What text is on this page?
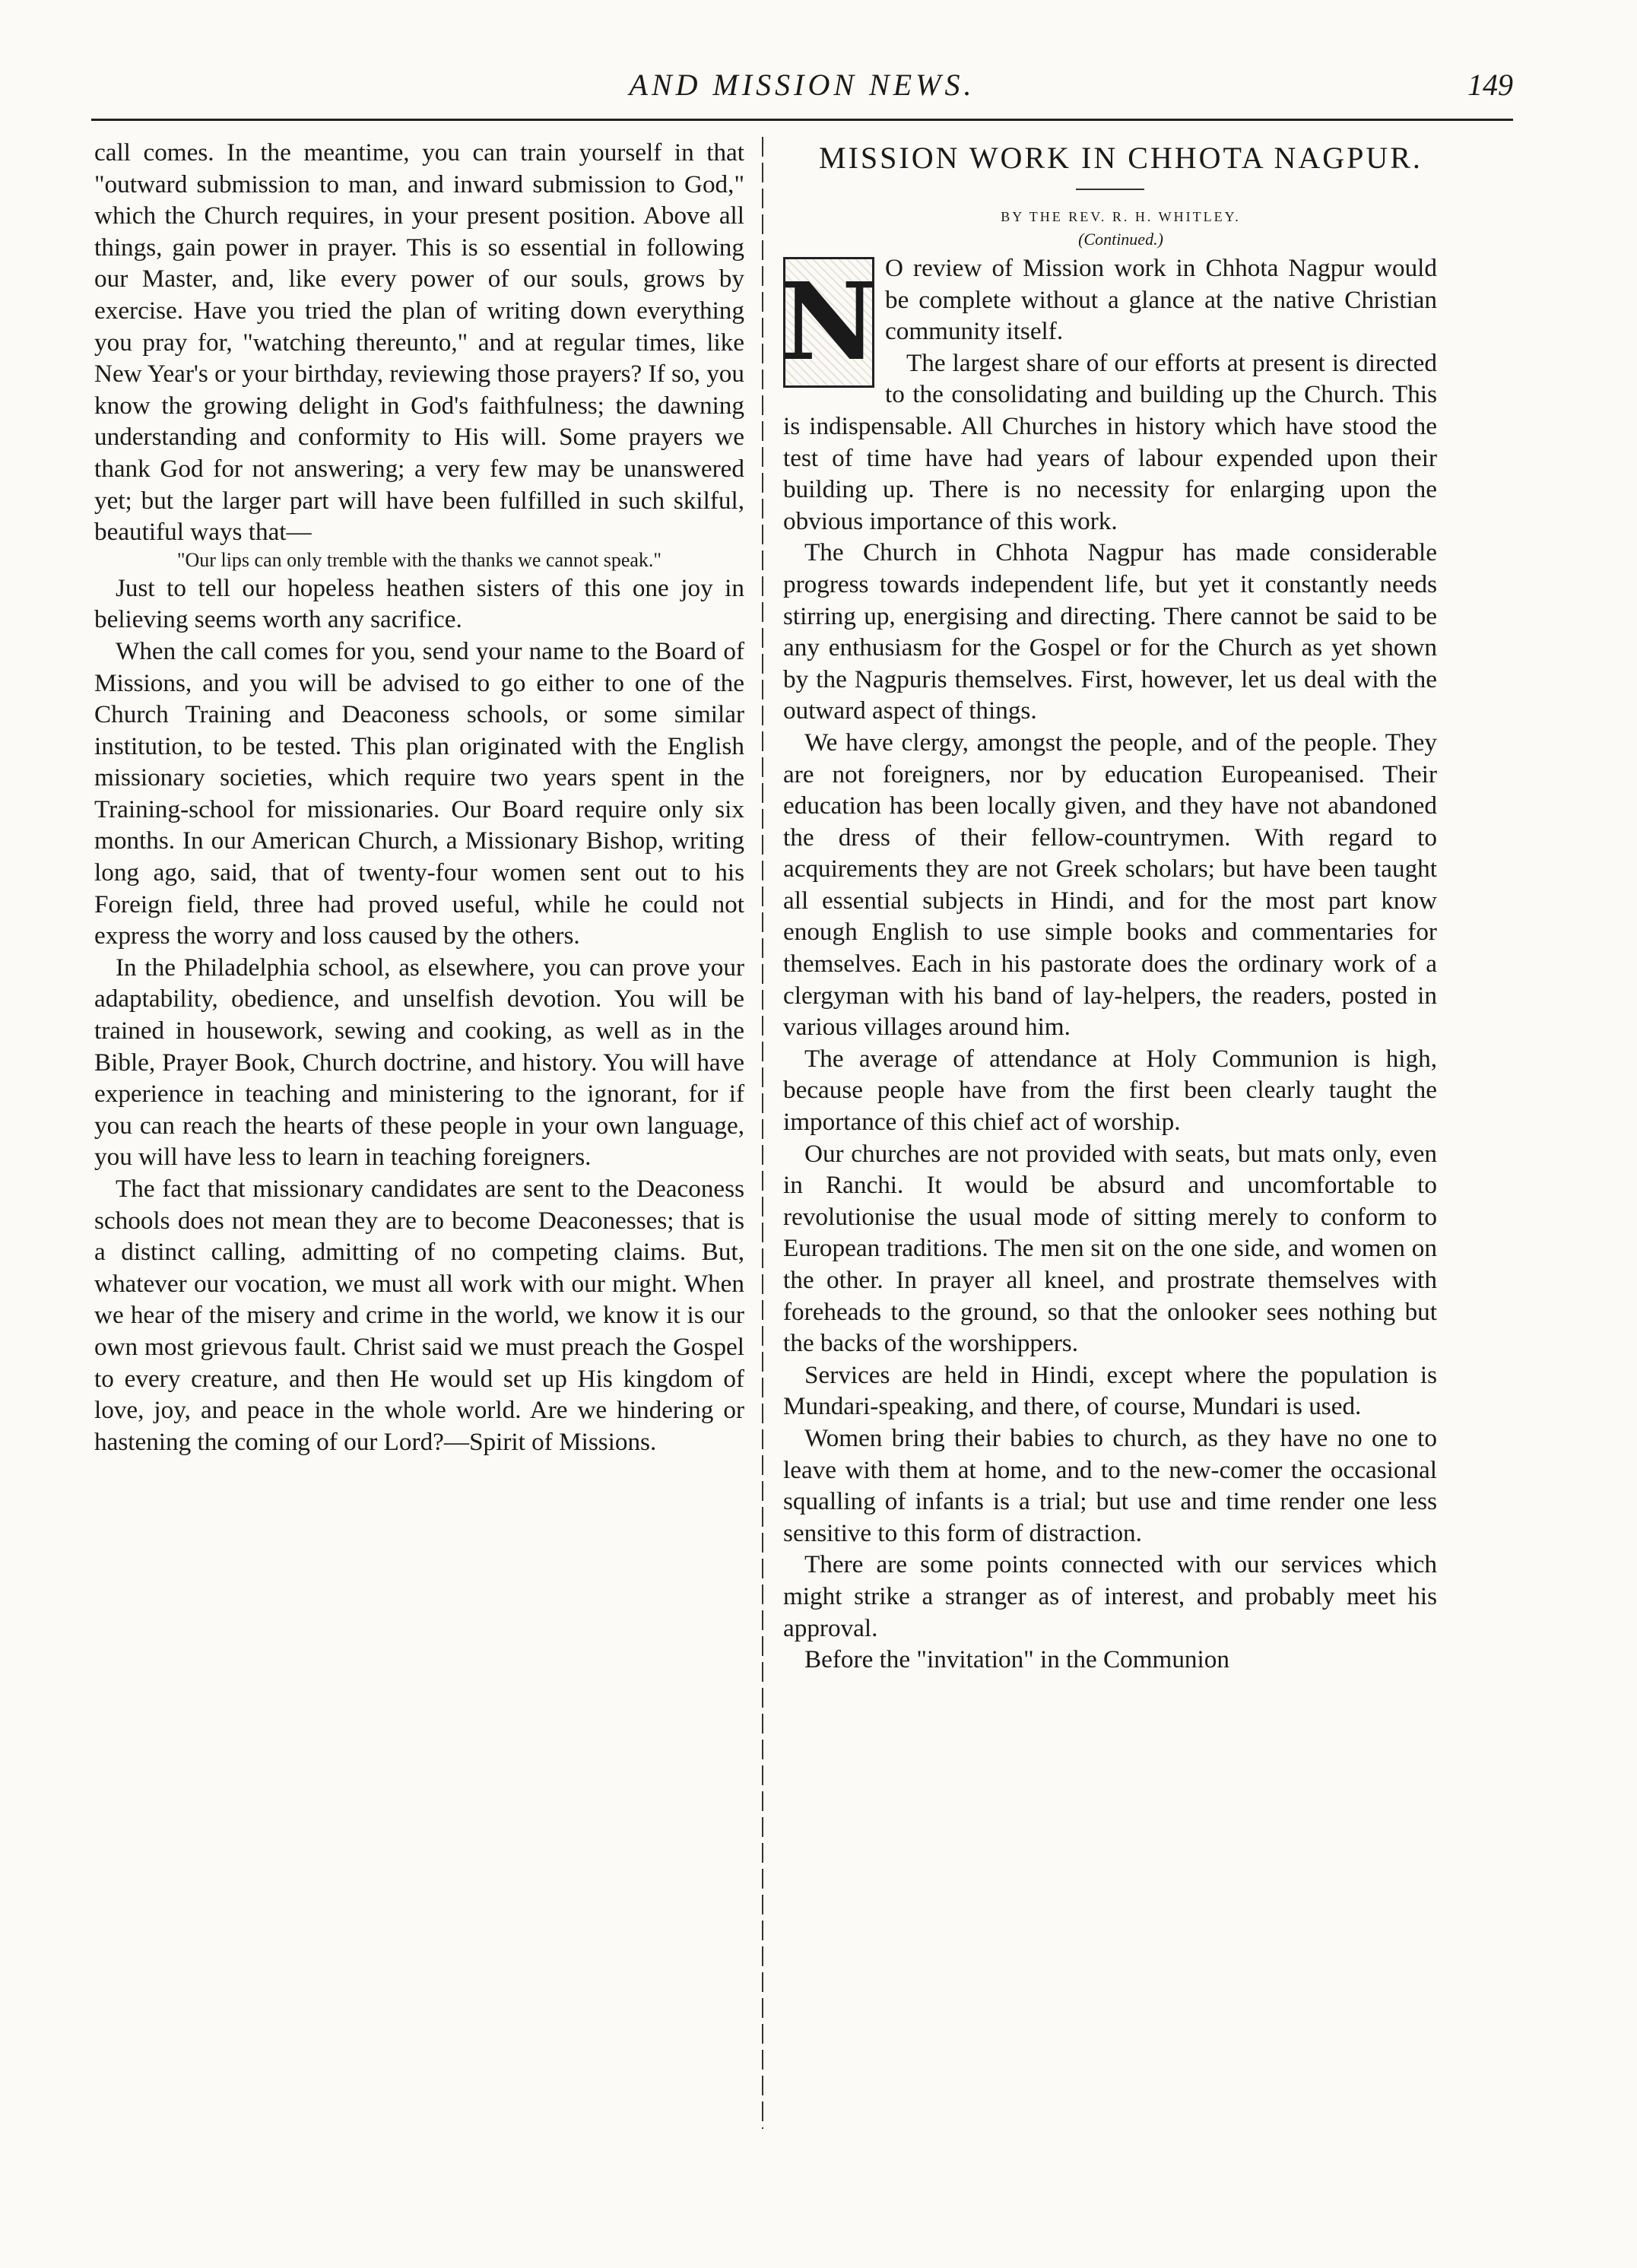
AND MISSION NEWS.	149

call comes. In the meantime, you can train yourself in that "outward submission to man, and inward submission to God," which the Church requires, in your present position. Above all things, gain power in prayer. This is so essential in following our Master, and, like every power of our souls, grows by exercise. Have you tried the plan of writing down everything you pray for, "watching thereunto," and at regular times, like New Year's or your birthday, reviewing those prayers? If so, you know the growing delight in God's faithfulness; the dawning understanding and conformity to His will. Some prayers we thank God for not answering; a very few may be unanswered yet; but the larger part will have been fulfilled in such skilful, beautiful ways that—

"Our lips can only tremble with the thanks we cannot speak."

Just to tell our hopeless heathen sisters of this one joy in believing seems worth any sacrifice.

When the call comes for you, send your name to the Board of Missions, and you will be advised to go either to one of the Church Training and Deaconess schools, or some similar institution, to be tested. This plan originated with the English missionary societies, which require two years spent in the Training-school for missionaries. Our Board require only six months. In our American Church, a Missionary Bishop, writing long ago, said, that of twenty-four women sent out to his Foreign field, three had proved useful, while he could not express the worry and loss caused by the others.

In the Philadelphia school, as elsewhere, you can prove your adaptability, obedience, and unselfish devotion. You will be trained in housework, sewing and cooking, as well as in the Bible, Prayer Book, Church doctrine, and history. You will have experience in teaching and ministering to the ignorant, for if you can reach the hearts of these people in your own language, you will have less to learn in teaching foreigners.

The fact that missionary candidates are sent to the Deaconess schools does not mean they are to become Deaconesses; that is a distinct calling, admitting of no competing claims. But, whatever our vocation, we must all work with our might. When we hear of the misery and crime in the world, we know it is our own most grievous fault. Christ said we must preach the Gospel to every creature, and then He would set up His kingdom of love, joy, and peace in the whole world. Are we hindering or hastening the coming of our Lord?—Spirit of Missions.

MISSION WORK IN CHHOTA NAGPUR.

BY THE REV. R. H. WHITLEY.

(Continued.)

N O review of Mission work in Chhota Nagpur would be complete without a glance at the native Christian community itself.

The largest share of our efforts at present is directed to the consolidating and building up the Church. This is indispensable. All Churches in history which have stood the test of time have had years of labour expended upon their building up. There is no necessity for enlarging upon the obvious importance of this work.

The Church in Chhota Nagpur has made considerable progress towards independent life, but yet it constantly needs stirring up, energising and directing. There cannot be said to be any enthusiasm for the Gospel or for the Church as yet shown by the Nagpuris themselves. First, however, let us deal with the outward aspect of things.

We have clergy, amongst the people, and of the people. They are not foreigners, nor by education Europeanised. Their education has been locally given, and they have not abandoned the dress of their fellow-countrymen. With regard to acquirements they are not Greek scholars; but have been taught all essential subjects in Hindi, and for the most part know enough English to use simple books and commentaries for themselves. Each in his pastorate does the ordinary work of a clergyman with his band of lay-helpers, the readers, posted in various villages around him.

The average of attendance at Holy Communion is high, because people have from the first been clearly taught the importance of this chief act of worship.

Our churches are not provided with seats, but mats only, even in Ranchi. It would be absurd and uncomfortable to revolutionise the usual mode of sitting merely to conform to European traditions. The men sit on the one side, and women on the other. In prayer all kneel, and prostrate themselves with foreheads to the ground, so that the onlooker sees nothing but the backs of the worshippers.

Services are held in Hindi, except where the population is Mundari-speaking, and there, of course, Mundari is used.

Women bring their babies to church, as they have no one to leave with them at home, and to the new-comer the occasional squalling of infants is a trial; but use and time render one less sensitive to this form of distraction.

There are some points connected with our services which might strike a stranger as of interest, and probably meet his approval.

Before the "invitation" in the Communion
